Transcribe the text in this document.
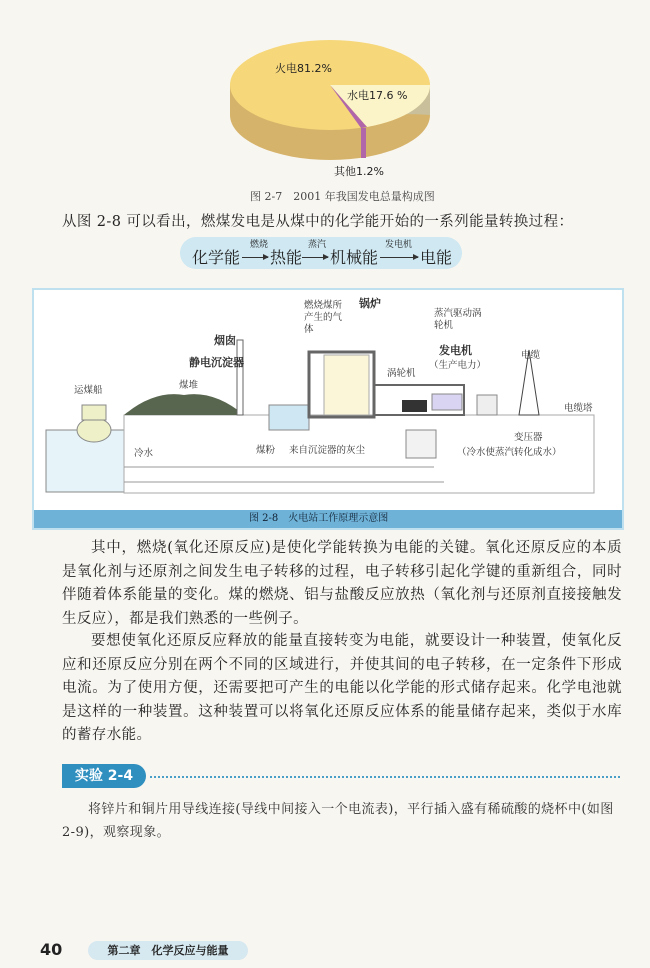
火电81.2%
水电17.6 %
其他1.2%
图 2-7　2001 年我国发电总量构成图
从图 2-8 可以看出，燃煤发电是从煤中的化学能开始的一系列能量转换过程：
化学能
燃烧
热能
蒸汽
机械能
发电机
电能
运煤船	煤堆
烟囱
静电沉淀器
燃烧煤所产生的气体
锅炉
蒸汽驱动涡轮机
涡轮机
发电机
（生产电力）
电缆
电缆塔
变压器
冷水	煤粉 来自沉淀器的灰尘	（冷水使蒸汽转化成水）
图 2-8　火电站工作原理示意图
其中，燃烧(氧化还原反应)是使化学能转换为电能的关键。氧化还原反应的本质是氧化剂与还原剂之间发生电子转移的过程，电子转移引起化学键的重新组合，同时伴随着体系能量的变化。煤的燃烧、铝与盐酸反应放热（氧化剂与还原剂直接接触发生反应），都是我们熟悉的一些例子。
要想使氧化还原反应释放的能量直接转变为电能，就要设计一种装置，使氧化反应和还原反应分别在两个不同的区域进行，并使其间的电子转移，在一定条件下形成电流。为了使用方便，还需要把可产生的电能以化学能的形式储存起来。化学电池就是这样的一种装置。这种装置可以将氧化还原反应体系的能量储存起来，类似于水库的蓄存水能。
实验 2-4
将锌片和铜片用导线连接(导线中间接入一个电流表)，平行插入盛有稀硫酸的烧杯中(如图 2-9)，观察现象。
40	第二章　化学反应与能量
